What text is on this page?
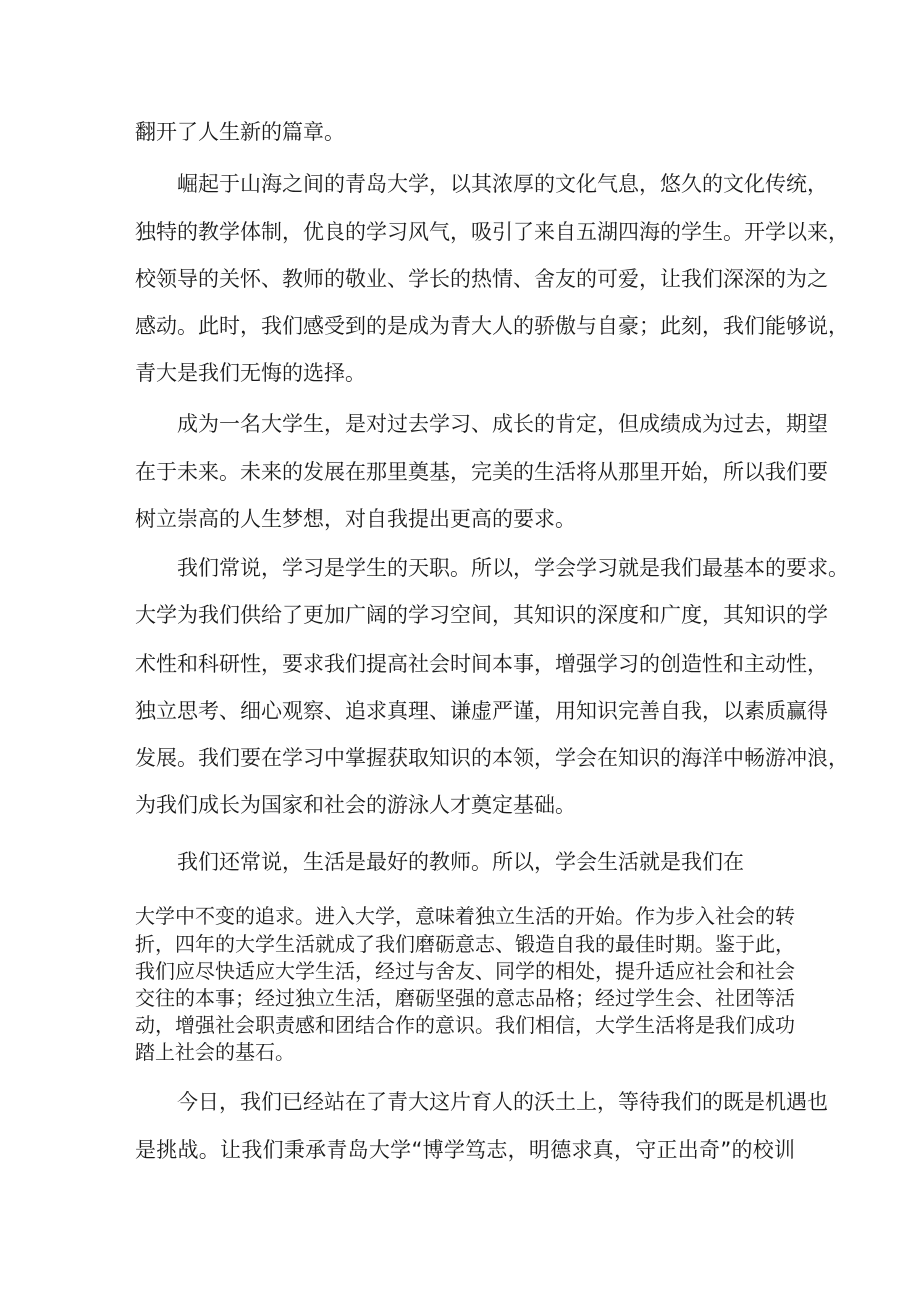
翻开了人生新的篇章。
崛起于山海之间的青岛大学，以其浓厚的文化气息，悠久的文化传统，
独特的教学体制，优良的学习风气，吸引了来自五湖四海的学生。开学以来，
校领导的关怀、教师的敬业、学长的热情、舍友的可爱，让我们深深的为之
感动。此时，我们感受到的是成为青大人的骄傲与自豪；此刻，我们能够说，
青大是我们无悔的选择。
成为一名大学生，是对过去学习、成长的肯定，但成绩成为过去，期望
在于未来。未来的发展在那里奠基，完美的生活将从那里开始，所以我们要
树立崇高的人生梦想，对自我提出更高的要求。
我们常说，学习是学生的天职。所以，学会学习就是我们最基本的要求。
大学为我们供给了更加广阔的学习空间，其知识的深度和广度，其知识的学
术性和科研性，要求我们提高社会时间本事，增强学习的创造性和主动性，
独立思考、细心观察、追求真理、谦虚严谨，用知识完善自我，以素质赢得
发展。我们要在学习中掌握获取知识的本领，学会在知识的海洋中畅游冲浪，
为我们成长为国家和社会的游泳人才奠定基础。
我们还常说，生活是最好的教师。所以，学会生活就是我们在
大学中不变的追求。进入大学，意味着独立生活的开始。作为步入社会的转
折，四年的大学生活就成了我们磨砺意志、锻造自我的最佳时期。鉴于此，
我们应尽快适应大学生活，经过与舍友、同学的相处，提升适应社会和社会
交往的本事；经过独立生活，磨砺坚强的意志品格；经过学生会、社团等活
动，增强社会职责感和团结合作的意识。我们相信，大学生活将是我们成功
踏上社会的基石。
今日，我们已经站在了青大这片育人的沃土上，等待我们的既是机遇也
是挑战。让我们秉承青岛大学“博学笃志，明德求真，守正出奇”的校训
